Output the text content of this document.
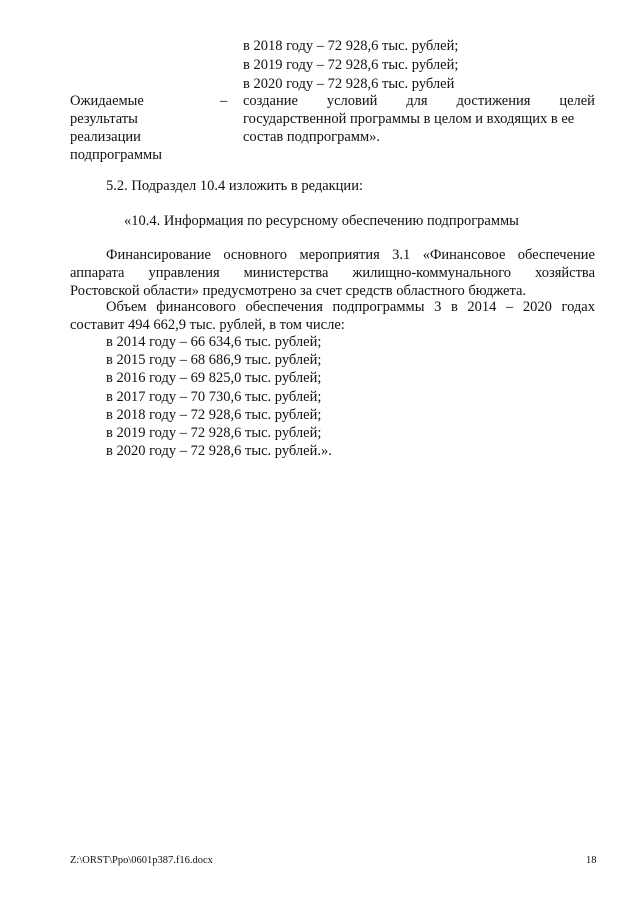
в 2018 году – 72 928,6 тыс. рублей;
в 2019 году – 72 928,6 тыс. рублей;
в 2020 году – 72 928,6 тыс. рублей
Ожидаемые
результаты
реализации
подпрограммы
– создание условий для достижения целей
государственной программы в целом и входящих в ее
состав подпрограмм».
5.2. Подраздел 10.4 изложить в редакции:
«10.4. Информация по ресурсному обеспечению подпрограммы
Финансирование основного мероприятия 3.1 «Финансовое обеспечение
аппарата управления министерства жилищно-коммунального хозяйства
Ростовской области» предусмотрено за счет средств областного бюджета.
Объем финансового обеспечения подпрограммы 3 в 2014 – 2020 годах
составит 494 662,9 тыс. рублей, в том числе:
в 2014 году – 66 634,6 тыс. рублей;
в 2015 году – 68 686,9 тыс. рублей;
в 2016 году – 69 825,0 тыс. рублей;
в 2017 году – 70 730,6 тыс. рублей;
в 2018 году – 72 928,6 тыс. рублей;
в 2019 году – 72 928,6 тыс. рублей;
в 2020 году – 72 928,6 тыс. рублей.».
Z:\ORST\Ppo\0601p387.f16.docx	18
